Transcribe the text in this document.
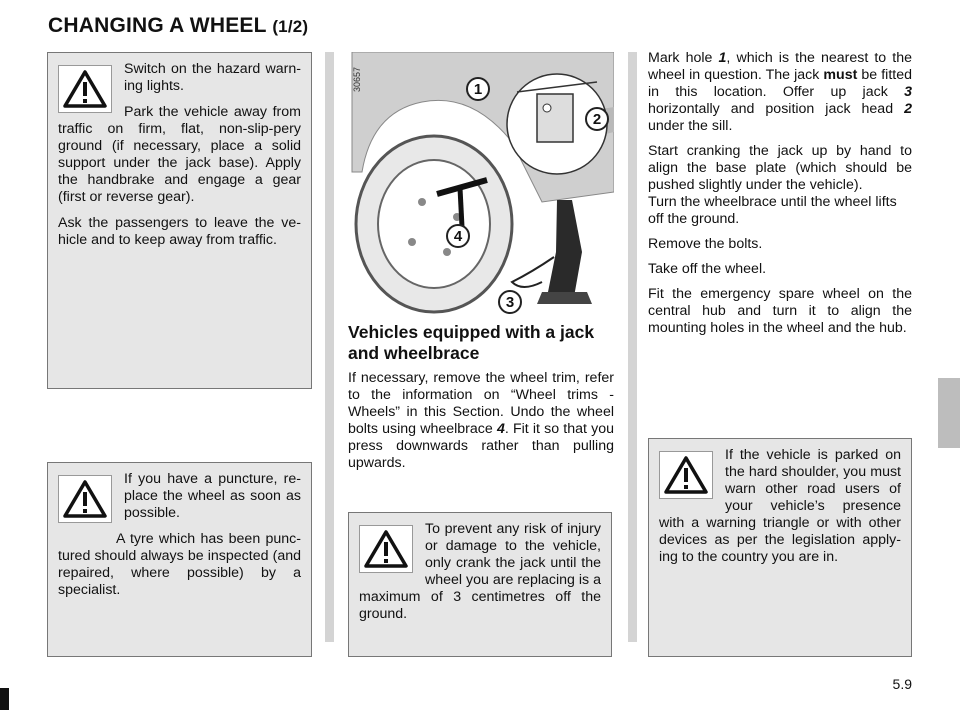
CHANGING A WHEEL (1/2)

Switch on the hazard warn-ing lights.

Park the vehicle away from traffic on firm, flat, non-slip-pery ground (if necessary, place a solid support under the jack base). Apply the handbrake and engage a gear (first or reverse gear).

Ask the passengers to leave the ve-hicle and to keep away from traffic.

If you have a puncture, re-place the wheel as soon as possible.

A tyre which has been punc-tured should always be inspected (and repaired, where possible) by a specialist.

1
2
3
4
30657
Vehicles equipped with a jack and wheelbrace

If necessary, remove the wheel trim, refer to the information on “Wheel trims - Wheels” in this Section. Undo the wheel bolts using wheelbrace 4. Fit it so that you press downwards rather than pulling upwards.

To prevent any risk of injury or damage to the vehicle, only crank the jack until the wheel you are replacing is a maximum of 3 centimetres off the ground.

Mark hole 1, which is the nearest to the wheel in question. The jack must be fitted in this location. Offer up jack 3 horizontally and position jack head 2 under the sill.

Start cranking the jack up by hand to align the base plate (which should be pushed slightly under the vehicle).

Turn the wheelbrace until the wheel lifts off the ground.

Remove the bolts.

Take off the wheel.

Fit the emergency spare wheel on the central hub and turn it to align the mounting holes in the wheel and the hub.

If the vehicle is parked on the hard shoulder, you must warn other road users of your vehicle’s presence with a warning triangle or with other devices as per the legislation apply-ing to the country you are in.

5.9
